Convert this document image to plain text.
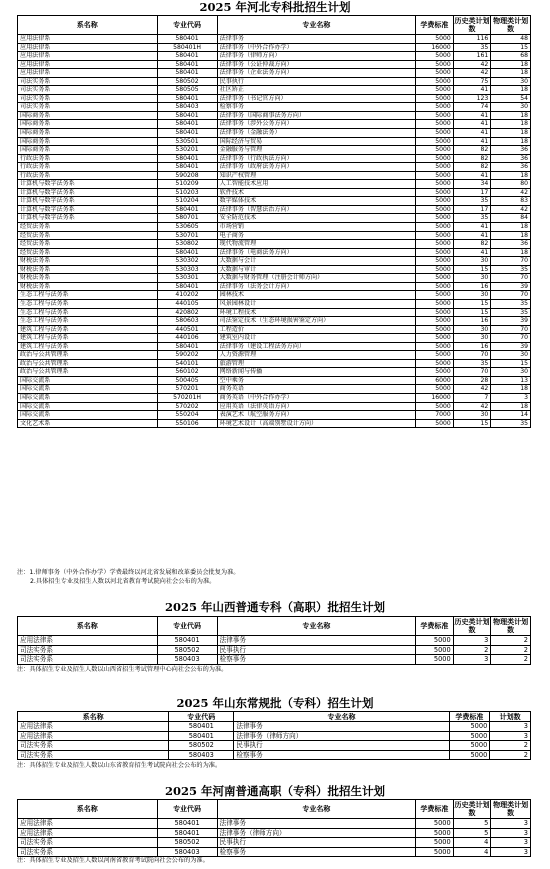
2025 年河北专科批招生计划
系名称	专业代码	专业名称	学费标准	历史类计划数	物理类计划数
应用法律系	580401	法律事务	5000	116	48
应用法律系	580401H	法律事务（中外合作办学）	16000	35	15
应用法律系	580401	法律事务（律师方向）	5000	161	68
应用法律系	580401	法律事务（公证仲裁方向）	5000	42	18
应用法律系	580401	法律事务（企业法务方向）	5000	42	18
司法实务系	580502	民事执行	5000	75	30
司法实务系	580505	社区矫正	5000	41	18
司法实务系	580401	法律事务（书记官方向）	5000	123	54
司法实务系	580403	检察事务	5000	74	30
国际商务系	580401	法律事务（国际商事法务方向）	5000	41	18
国际商务系	580401	法律事务（涉外公务方向）	5000	41	18
国际商务系	580401	法律事务（金融法务）	5000	41	18
国际商务系	530501	国际经济与贸易	5000	41	18
国际商务系	530201	金融服务与管理	5000	82	36
行政法务系	580401	法律事务（行政执法方向）	5000	82	36
行政法务系	580401	法律事务（政府法务方向）	5000	82	36
行政法务系	590208	知识产权管理	5000	41	18
计算机与数字法务系	510209	人工智能技术应用	5000	34	80
计算机与数字法务系	510203	软件技术	5000	17	42
计算机与数字法务系	510204	数字媒体技术	5000	35	83
计算机与数字法务系	580401	法律事务（智慧法治方向）	5000	17	42
计算机与数字法务系	580701	安全防范技术	5000	35	84
经贸法务系	530605	市场营销	5000	41	18
经贸法务系	530701	电子商务	5000	41	18
经贸法务系	530802	现代物流管理	5000	82	36
经贸法务系	580401	法律事务（电商法务方向）	5000	41	18
财税法务系	530302	大数据与会计	5000	30	70
财税法务系	530303	大数据与审计	5000	15	35
财税法务系	530301	大数据与财务管理（注册会计师方向）	5000	30	70
财税法务系	580401	法律事务（法务会计方向）	5000	16	39
生态工程与法务系	410202	园林技术	5000	30	70
生态工程与法务系	440105	风景园林设计	5000	15	35
生态工程与法务系	420802	环境工程技术	5000	15	35
生态工程与法务系	580603	司法鉴定技术（生态环境损害鉴定方向）	5000	16	39
建筑工程与法务系	440501	工程造价	5000	30	70
建筑工程与法务系	440106	建筑室内设计	5000	30	70
建筑工程与法务系	580401	法律事务（建设工程法务方向）	5000	16	39
政治与公共管理系	590202	人力资源管理	5000	70	30
政治与公共管理系	540101	旅游管理	5000	35	15
政治与公共管理系	560102	网络新闻与传播	5000	70	30
国际交流系	500405	空中乘务	6000	28	13
国际交流系	570201	商务英语	5000	42	18
国际交流系	570201H	商务英语（中外合作办学）	16000	7	3
国际交流系	570202	应用英语（法律英语方向）	5000	42	18
国际交流系	550204	表演艺术（航空服务方向）	7000	30	14
文化艺术系	550106	环境艺术设计（高端别墅设计方向）	5000	15	35
注：1.律师事务（中外合作办学）学费最终以河北省发展和改革委员会批复为准。
2.具体招生专业及招生人数以河北省教育考试院向社会公布的为准。
2025 年山西普通专科（高职）批招生计划
系名称	专业代码	专业名称	学费标准	历史类计划数	物理类计划数
应用法律系	580401	法律事务	5000	3	2
司法实务系	580502	民事执行	5000	2	2
司法实务系	580403	检察事务	5000	3	2
注：具体招生专业及招生人数以山西省招生考试管理中心向社会公布的为准。
2025 年山东常规批（专科）招生计划
系名称	专业代码	专业名称	学费标准	计划数
应用法律系	580401	法律事务	5000	3
应用法律系	580401	法律事务（律师方向）	5000	3
司法实务系	580502	民事执行	5000	2
司法实务系	580403	检察事务	5000	2
注：具体招生专业及招生人数以山东省教育招生考试院向社会公布的为准。
2025 年河南普通高职（专科）批招生计划
系名称	专业代码	专业名称	学费标准	历史类计划数	物理类计划数
应用法律系	580401	法律事务	5000	5	3
应用法律系	580401	法律事务（律师方向）	5000	5	3
司法实务系	580502	民事执行	5000	4	3
司法实务系	580403	检察事务	5000	4	3
注：具体招生专业及招生人数以河南省教育考试院向社会公布的为准。
